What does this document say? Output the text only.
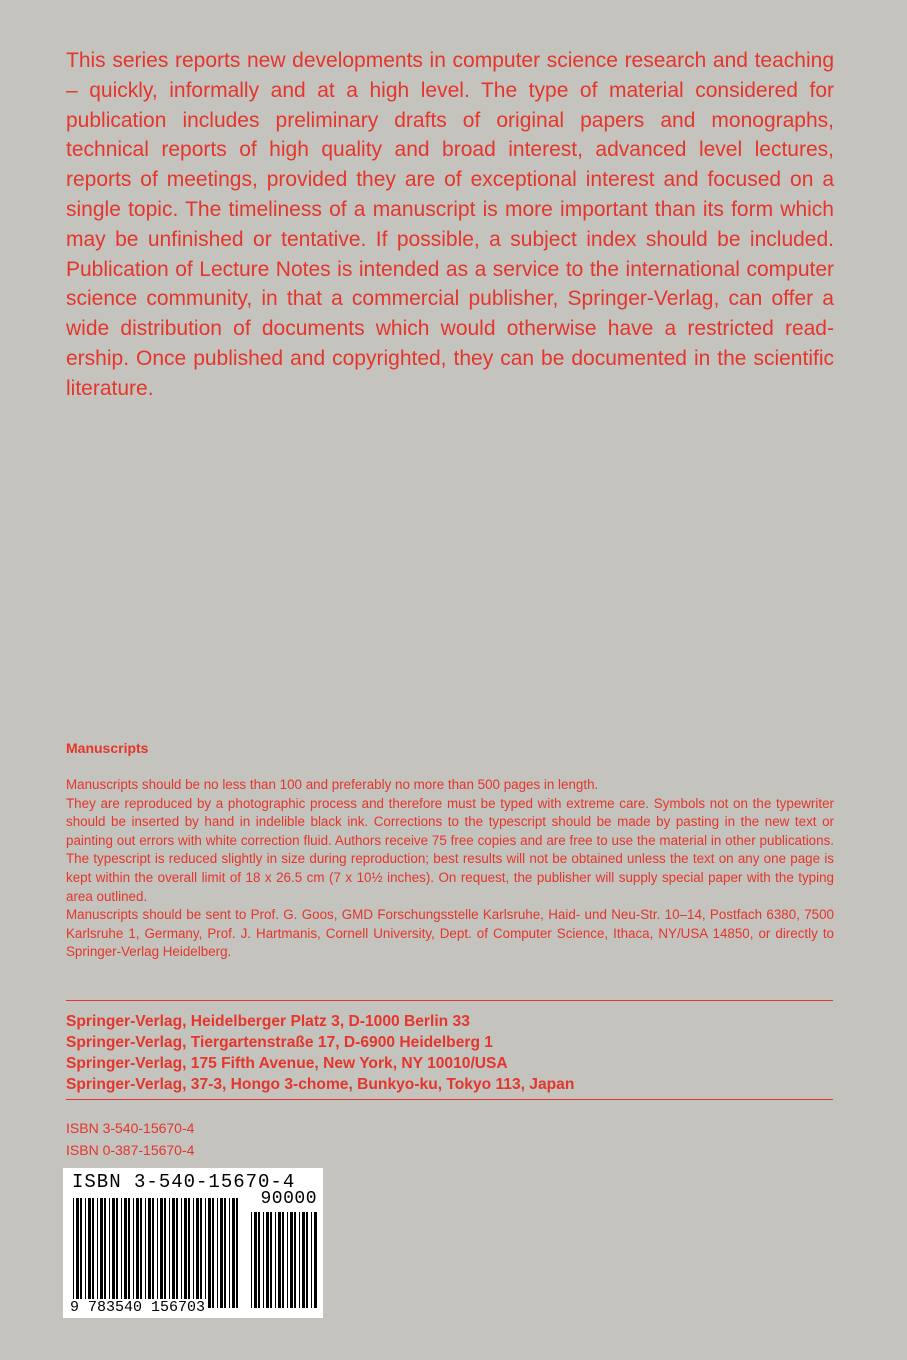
This series reports new developments in computer science research and teaching – quickly, informally and at a high level. The type of material considered for publication includes preliminary drafts of original papers and monographs, technical reports of high quality and broad interest, advanced level lectures, reports of meetings, provided they are of exceptional interest and focused on a single topic. The timeliness of a manuscript is more important than its form which may be unfinished or tentative. If possible, a subject index should be included. Publication of Lecture Notes is intended as a service to the international computer science community, in that a commercial publisher, Springer-Verlag, can offer a wide distribution of documents which would otherwise have a restricted readership. Once published and copyrighted, they can be documented in the scientific literature.

Manuscripts

Manuscripts should be no less than 100 and preferably no more than 500 pages in length.

They are reproduced by a photographic process and therefore must be typed with extreme care. Symbols not on the typewriter should be inserted by hand in indelible black ink. Corrections to the typescript should be made by pasting in the new text or painting out errors with white correction fluid. Authors receive 75 free copies and are free to use the material in other publications. The typescript is reduced slightly in size during reproduction; best results will not be obtained unless the text on any one page is kept within the overall limit of 18 x 26.5 cm (7 x 10½ inches). On request, the publisher will supply special paper with the typing area outlined.

Manuscripts should be sent to Prof. G. Goos, GMD Forschungsstelle Karlsruhe, Haid- und Neu-Str. 10–14, Postfach 6380, 7500 Karlsruhe 1, Germany, Prof. J. Hartmanis, Cornell University, Dept. of Computer Science, Ithaca, NY/USA 14850, or directly to Springer-Verlag Heidelberg.

Springer-Verlag, Heidelberger Platz 3, D-1000 Berlin 33
Springer-Verlag, Tiergartenstraße 17, D-6900 Heidelberg 1
Springer-Verlag, 175 Fifth Avenue, New York, NY 10010/USA
Springer-Verlag, 37-3, Hongo 3-chome, Bunkyo-ku, Tokyo 113, Japan
ISBN 3-540-15670-4
ISBN 0-387-15670-4
ISBN 3-540-15670-4
90000
9 783540 156703
